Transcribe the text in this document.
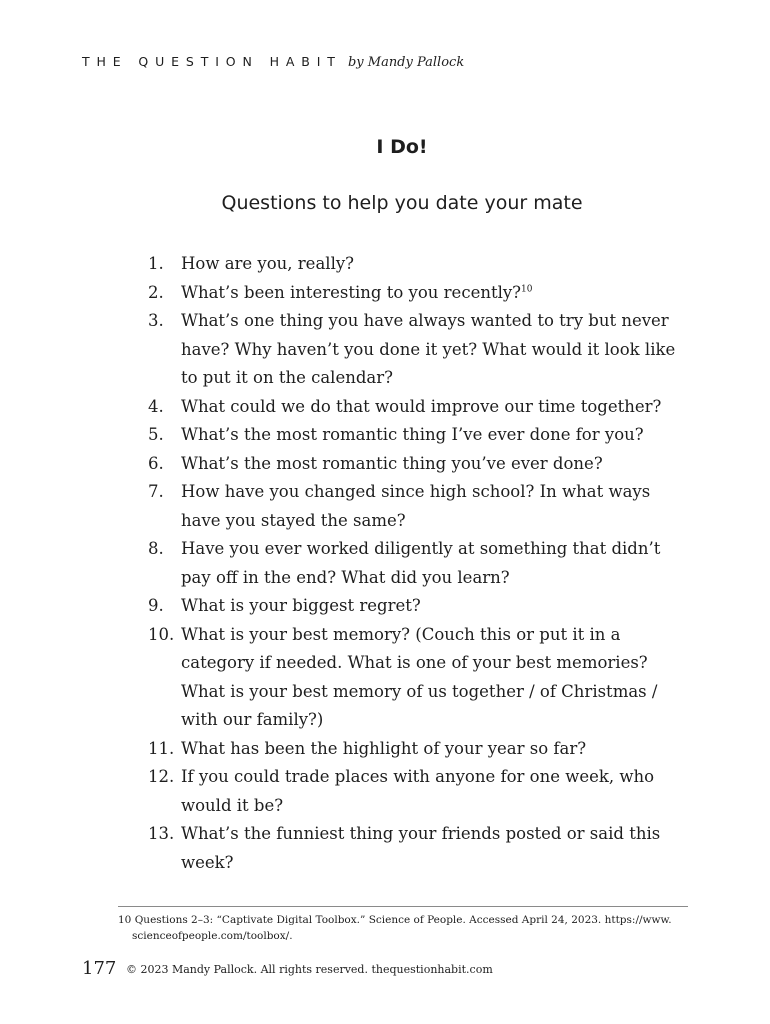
THE QUESTION HABIT by Mandy Pallock
I Do!
Questions to help you date your mate
1.	How are you, really?
2.	What’s been interesting to you recently?$^{10}$
3.	What’s one thing you have always wanted to try but never have? Why haven’t you done it yet? What would it look like to put it on the calendar?
4.	What could we do that would improve our time together?
5.	What’s the most romantic thing I’ve ever done for you?
6.	What’s the most romantic thing you’ve ever done?
7.	How have you changed since high school? In what ways have you stayed the same?
8.	Have you ever worked diligently at something that didn’t pay off in the end? What did you learn?
9.	What is your biggest regret?
10. What is your best memory? (Couch this or put it in a category if needed. What is one of your best memories? What is your best memory of us together / of Christmas / with our family?)
11. What has been the highlight of your year so far?
12. If you could trade places with anyone for one week, who would it be?
13. What’s the funniest thing your friends posted or said this week?
10 Questions 2–3: “Captivate Digital Toolbox.” Science of People. Accessed April 24, 2023. https://www.
scienceofpeople.com/toolbox/.
177 © 2023 Mandy Pallock. All rights reserved. thequestionhabit.com
